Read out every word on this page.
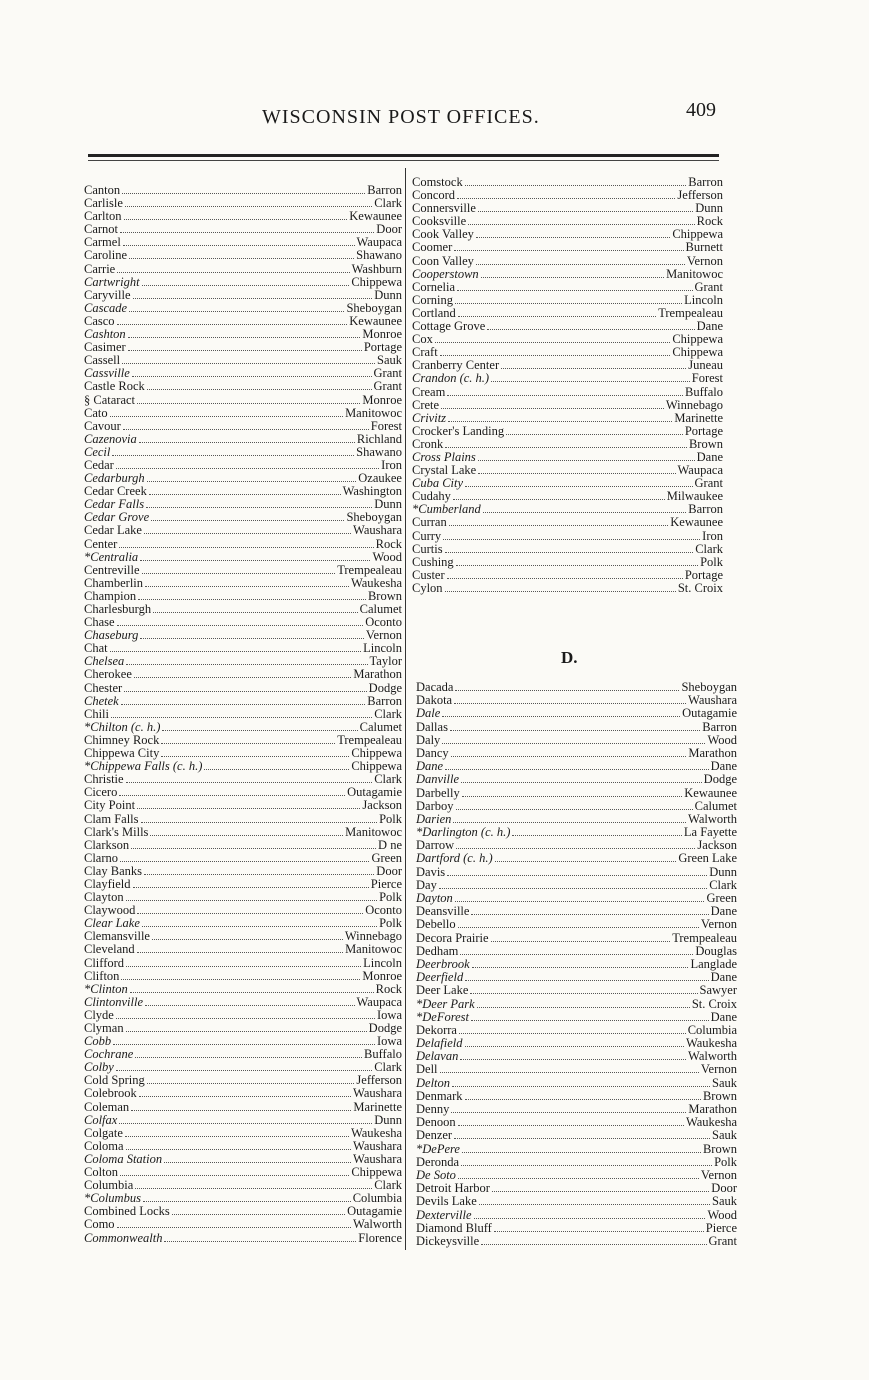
WISCONSIN POST OFFICES.	409
Canton	Barron
Carlisle	Clark
Carlton	Kewaunee
Carnot	Door
Carmel	Waupaca
Caroline	Shawano
Carrie	Washburn
Cartwright	Chippewa
Caryville	Dunn
Cascade	Sheboygan
Casco	Kewaunee
Cashton	Monroe
Casimer	Portage
Cassell	Sauk
Cassville	Grant
Castle Rock	Grant
§ Cataract	Monroe
Cato	Manitowoc
Cavour	Forest
Cazenovia	Richland
Cecil	Shawano
Cedar	Iron
Cedarburgh	Ozaukee
Cedar Creek	Washington
Cedar Falls	Dunn
Cedar Grove	Sheboygan
Cedar Lake	Waushara
Center	Rock
*Centralia	Wood
Centreville	Trempealeau
Chamberlin	Waukesha
Champion	Brown
Charlesburgh	Calumet
Chase	Oconto
Chaseburg	Vernon
Chat	Lincoln
Chelsea	Taylor
Cherokee	Marathon
Chester	Dodge
Chetek	Barron
Chili	Clark
*Chilton (c. h.)	Calumet
Chimney Rock	Trempealeau
Chippewa City	Chippewa
*Chippewa Falls (c. h.)	Chippewa
Christie	Clark
Cicero	Outagamie
City Point	Jackson
Clam Falls	Polk
Clark's Mills	Manitowoc
Clarkson	D ne
Clarno	Green
Clay Banks	Door
Clayfield	Pierce
Clayton	Polk
Claywood	Oconto
Clear Lake	Polk
Clemansville	Winnebago
Cleveland	Manitowoc
Clifford	Lincoln
Clifton	Monroe
*Clinton	Rock
Clintonville	Waupaca
Clyde	Iowa
Clyman	Dodge
Cobb	Iowa
Cochrane	Buffalo
Colby	Clark
Cold Spring	Jefferson
Colebrook	Waushara
Coleman	Marinette
Colfax	Dunn
Colgate	Waukesha
Coloma	Waushara
Coloma Station	Waushara
Colton	Chippewa
Columbia	Clark
*Columbus	Columbia
Combined Locks	Outagamie
Como	Walworth
Commonwealth	Florence
Comstock	Barron
Concord	Jefferson
Connersville	Dunn
Cooksville	Rock
Cook Valley	Chippewa
Coomer	Burnett
Coon Valley	Vernon
Cooperstown	Manitowoc
Cornelia	Grant
Corning	Lincoln
Cortland	Trempealeau
Cottage Grove	Dane
Cox	Chippewa
Craft	Chippewa
Cranberry Center	Juneau
Crandon (c. h.)	Forest
Cream	Buffalo
Crete	Winnebago
Crivitz	Marinette
Crocker's Landing	Portage
Cronk	Brown
Cross Plains	Dane
Crystal Lake	Waupaca
Cuba City	Grant
Cudahy	Milwaukee
*Cumberland	Barron
Curran	Kewaunee
Curry	Iron
Curtis	Clark
Cushing	Polk
Custer	Portage
Cylon	St. Croix
D.
Dacada	Sheboygan
Dakota	Waushara
Dale	Outagamie
Dallas	Barron
Daly	Wood
Dancy	Marathon
Dane	Dane
Danville	Dodge
Darbelly	Kewaunee
Darboy	Calumet
Darien	Walworth
*Darlington (c. h.)	La Fayette
Darrow	Jackson
Dartford (c. h.)	Green Lake
Davis	Dunn
Day	Clark
Dayton	Green
Deansville	Dane
Debello	Vernon
Decora Prairie	Trempealeau
Dedham	Douglas
Deerbrook	Langlade
Deerfield	Dane
Deer Lake	Sawyer
*Deer Park	St. Croix
*DeForest	Dane
Dekorra	Columbia
Delafield	Waukesha
Delavan	Walworth
Dell	Vernon
Delton	Sauk
Denmark	Brown
Denny	Marathon
Denoon	Waukesha
Denzer	Sauk
*DePere	Brown
Deronda	Polk
De Soto	Vernon
Detroit Harbor	Door
Devils Lake	Sauk
Dexterville	Wood
Diamond Bluff	Pierce
Dickeysville	Grant
